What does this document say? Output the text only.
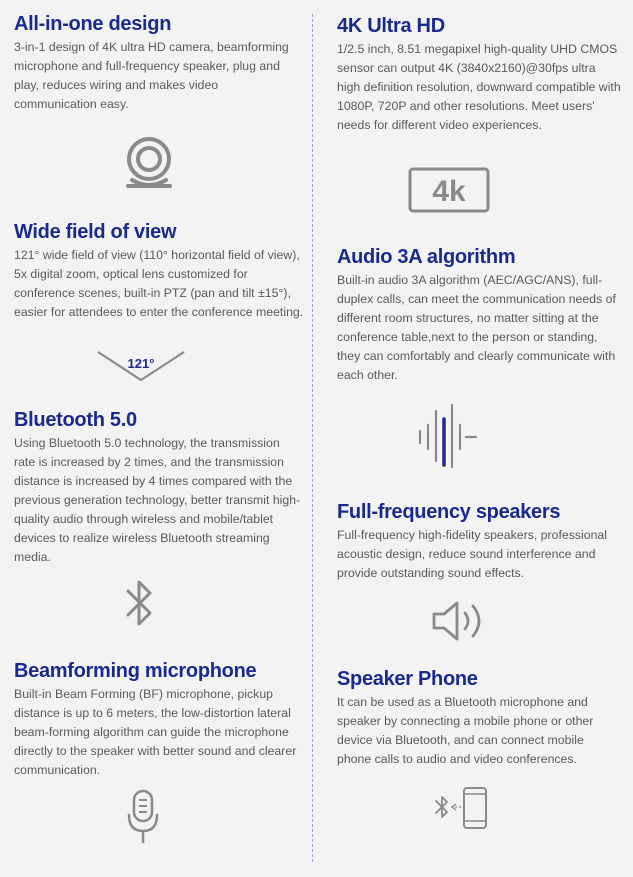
All-in-one design

3-in-1 design of 4K ultra HD camera, beamforming microphone and full-frequency speaker, plug and play, reduces wiring and makes video communication easy.

Wide field of view

121° wide field of view (110° horizontal field of view), 5x digital zoom, optical lens customized for conference scenes, built-in PTZ (pan and tilt ±15°), easier for attendees to enter the conference meeting.

121°
Bluetooth 5.0

Using Bluetooth 5.0 technology, the transmission rate is increased by 2 times, and the transmission distance is increased by 4 times compared with the previous generation technology, better transmit high-quality audio through wireless and mobile/tablet devices to realize wireless Bluetooth streaming media.

Beamforming microphone

Built-in Beam Forming (BF) microphone, pickup distance is up to 6 meters, the low-distortion lateral beam-forming algorithm can guide the microphone directly to the speaker with better sound and clearer communication.

4K Ultra HD

1/2.5 inch, 8.51 megapixel high-quality UHD CMOS sensor can output 4K (3840x2160)@30fps ultra high definition resolution, downward compatible with 1080P, 720P and other resolutions. Meet users' needs for different video experiences.

4k
Audio 3A algorithm

Built-in audio 3A algorithm (AEC/AGC/ANS), full-duplex calls, can meet the communication needs of different room structures, no matter sitting at the conference table,next to the person or standing, they can comfortably and clearly communicate with each other.

Full-frequency speakers

Full-frequency high-fidelity speakers, professional acoustic design, reduce sound interference and provide outstanding sound effects.

Speaker Phone

It can be used as a Bluetooth microphone and speaker by connecting a mobile phone or other device via Bluetooth, and can connect mobile phone calls to audio and video conferences.
